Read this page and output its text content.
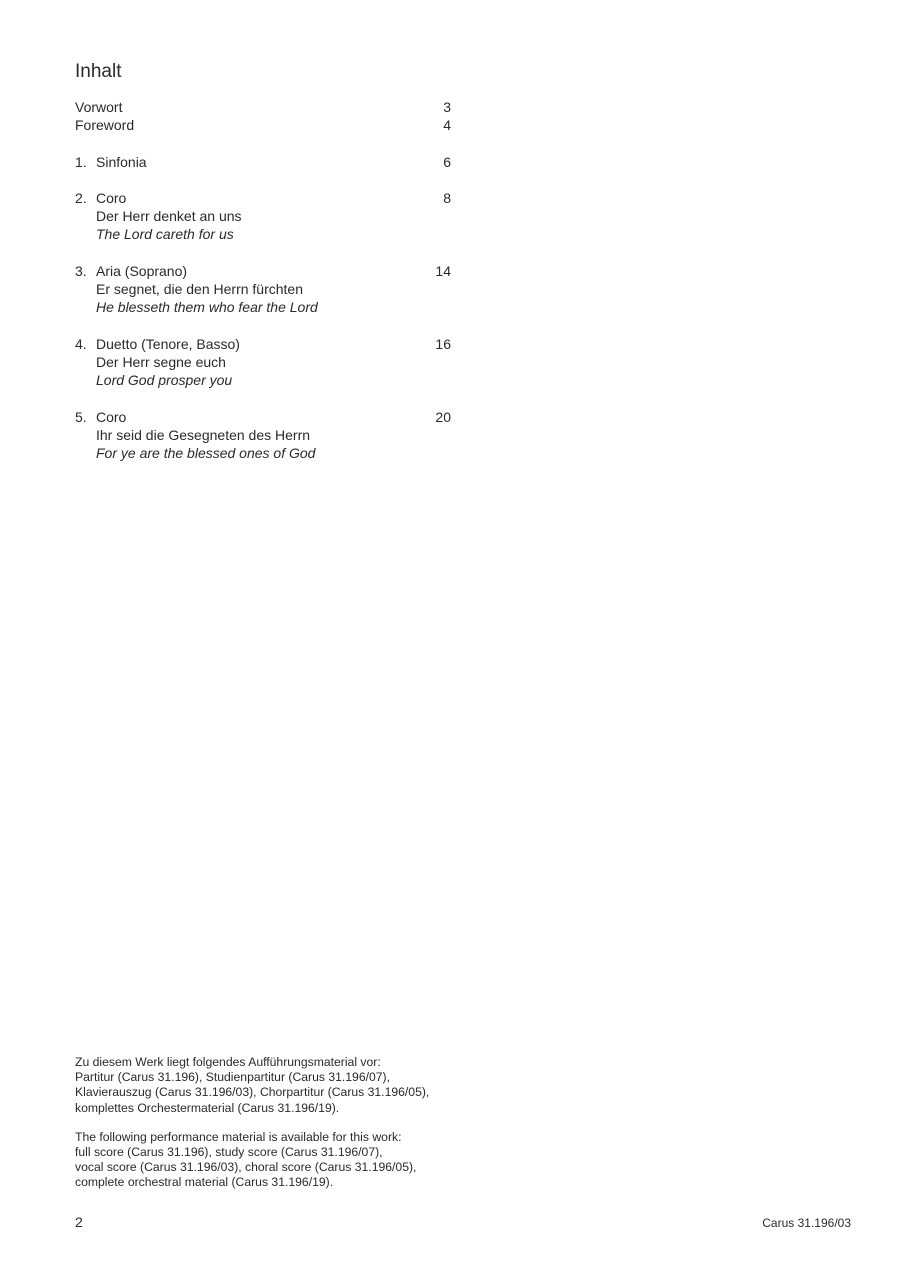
Inhalt
Vorwort	3
Foreword	4
1. Sinfonia	6
2. Coro	8
Der Herr denket an uns
The Lord careth for us
3. Aria (Soprano)	14
Er segnet, die den Herrn fürchten
He blesseth them who fear the Lord
4. Duetto (Tenore, Basso)	16
Der Herr segne euch
Lord God prosper you
5. Coro	20
Ihr seid die Gesegneten des Herrn
For ye are the blessed ones of God

Zu diesem Werk liegt folgendes Aufführungsmaterial vor:
Partitur (Carus 31.196), Studienpartitur (Carus 31.196/07),
Klavierauszug (Carus 31.196/03), Chorpartitur (Carus 31.196/05),
komplettes Orchestermaterial (Carus 31.196/19).

The following performance material is available for this work:
full score (Carus 31.196), study score (Carus 31.196/07),
vocal score (Carus 31.196/03), choral score (Carus 31.196/05),
complete orchestral material (Carus 31.196/19).

2	Carus 31.196/03
